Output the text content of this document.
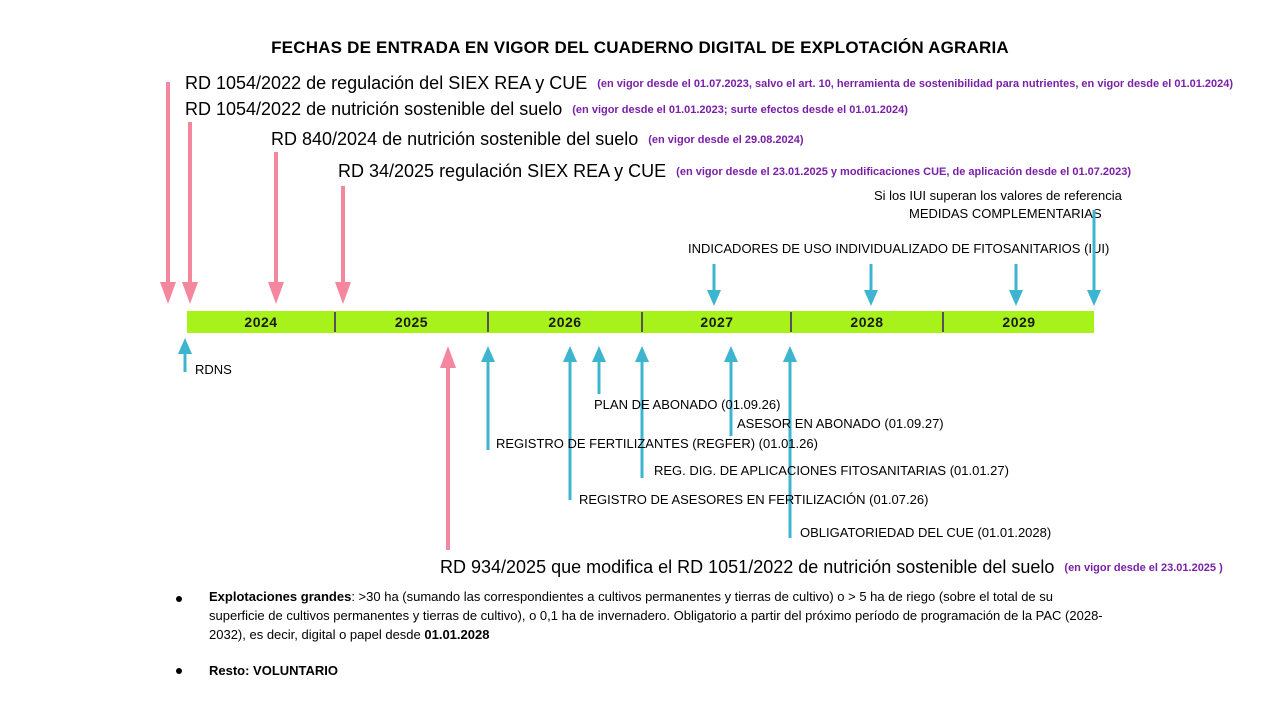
FECHAS DE ENTRADA EN VIGOR DEL CUADERNO DIGITAL DE EXPLOTACIÓN AGRARIA
RD 1054/2022 de regulación del SIEX REA y CUE (en vigor desde el 01.07.2023, salvo el art. 10, herramienta de sostenibilidad para nutrientes, en vigor desde el 01.01.2024)
RD 1054/2022 de nutrición sostenible del suelo (en vigor desde el 01.01.2023; surte efectos desde el 01.01.2024)
RD 840/2024 de nutrición sostenible del suelo (en vigor desde el 29.08.2024)
RD 34/2025 regulación SIEX REA y CUE (en vigor desde el 23.01.2025 y modificaciones CUE, de aplicación desde el 01.07.2023)
Si los IUI superan los valores de referencia
MEDIDAS COMPLEMENTARIAS
INDICADORES DE USO INDIVIDUALIZADO DE FITOSANITARIOS (IUI)
2024	2025	2026	2027	2028	2029
RDNS
PLAN DE ABONADO (01.09.26)
ASESOR EN ABONADO (01.09.27)
REGISTRO DE FERTILIZANTES (REGFER) (01.01.26)
REG. DIG. DE APLICACIONES FITOSANITARIAS (01.01.27)
REGISTRO DE ASESORES EN FERTILIZACIÓN (01.07.26)
OBLIGATORIEDAD DEL CUE (01.01.2028)
RD 934/2025 que modifica el RD 1051/2022 de nutrición sostenible del suelo (en vigor desde el 23.01.2025 )
Explotaciones grandes: >30 ha (sumando las correspondientes a cultivos permanentes y tierras de cultivo) o > 5 ha de riego (sobre el total de su superficie de cultivos permanentes y tierras de cultivo), o 0,1 ha de invernadero. Obligatorio a partir del próximo período de programación de la PAC (2028-2032), es decir, digital o papel desde 01.01.2028
Resto: VOLUNTARIO
